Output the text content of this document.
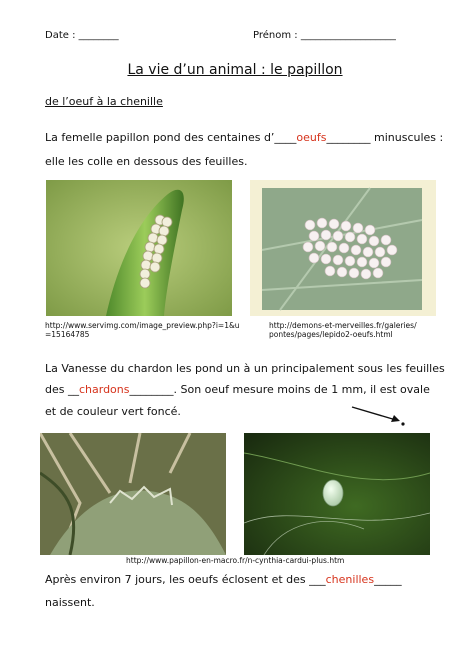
Date : ________	Prénom : ___________________
La vie d’un animal : le papillon
de l’oeuf à la chenille
La femelle papillon pond des centaines d’____oeufs________ minuscules :
elle les colle en dessous des feuilles.
http://www.servimg.com/image_preview.php?i=1&u
=15164785
http://demons-et-merveilles.fr/galeries/
pontes/pages/lepido2-oeufs.html
La Vanesse du chardon les pond un à un principalement sous les feuilles
des __chardons________. Son oeuf mesure moins de 1 mm, il est ovale
et de couleur vert foncé.
http://www.papillon-en-macro.fr/n-cynthia-cardui-plus.htm
Après environ 7 jours, les oeufs éclosent et des ___chenilles_____
naissent.
